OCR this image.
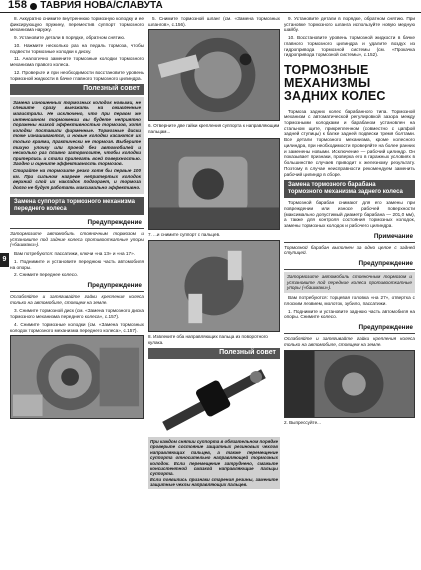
158 ТАВРИЯ НОВА/СЛАВУТА
9

8. Аккуратно снимите внутреннюю тормозную колодку и ее фиксирующую пружину, переместив суппорт тормозного механизма наружу.

9. Установите детали в порядке, обратном снятию.

10. Нажмите несколько раз на педаль тормоза, чтобы подвести тормозные колодки к диску.

11. Аналогично замените тормозные колодки тормозного механизма правого колеса.

12. Проверьте и при необходимости восстановите уровень тормозной жидкости в бачке главного тормозного цилиндра.

Полезный совет

Замена изношенных тормозных колодок новыми, не спешите сразу выезжать на оживленные магистрали. Не исключено, что при первом же интенсивном торможении вы будете неприятно поражены низкой эффективностью тормозов, хотя колодки поставили фирменные. Тормозные диски тоже изнашиваются, и новые колодки касаются их только краями, практически не тормозя. Выберите тихую улочку или проезд без автомобилей и несколько раз плавно затормозите, чтобы колодки притерлись и стали прилегать всей поверхностью. Заодно и оцените эффективность тормозов.

Стирайте на тормозите резко хотя бы первые 100 км. При сильном нагреве непритертых колодок верхний слой их накладок подгорает, и тормоза долго не будут работать максимально эффективно.

Замена суппорта тормозного механизма переднего колеса
Предупреждение

Затормозите автомобиль стояночным тормозом и установите под задние колеса противооткатные упоры («башмаки»).

Вам потребуются: пассатижи, ключи «на 13» и «на 17».

1. Поднимите и установите переднюю часть автомобиля на опоры.

2. Снимите переднее колесо.

Предупреждение

Ослабляйте и затягивайте гайки крепления колеса только на автомобиле, стоящем на земле.

3. Снимите тормозной диск (см. «Замена тормозного диска тормозного механизма переднего колеса», с.157).

4. Снимите тормозные колодки (см. «Замена тормозных колодок тормозного механизма переднего колеса», с.157).

5. Снимите тормозной шланг (см. «Замена тормозных шлангов», с.156).

6. Отверните две гайки крепления суппорта к направляющим пальцам...

7. ...и снимите суппорт с пальцев.

8. Извлеките оба направляющих пальца из поворотного кулака.

Полезный совет

При каждом снятии суппорта в обязательном порядке проверьте состояние защитных резиновых чехлов направляющих пальцев, а также перемещение суппорта относительно направляющей тормозных колодок. Если перемещение затруднено, смажьте консистентной смазкой направляющие пальцы суппорта.

Если появились признаки старения резины, замените защитные чехлы направляющих пальцев.

9. Установите детали в порядке, обратном снятию. При установке тормозного шланга используйте новую медную шайбу.

10. Восстановите уровень тормозной жидкости в бачке главного тормозного цилиндра и удалите воздух из гидропривода тормозной системы (см. «Прокачка гидропривода тормозной системы», с.152).

ТОРМОЗНЫЕ МЕХАНИЗМЫ ЗАДНИХ КОЛЕС

Тормоза задних колес барабанного типа. Тормозной механизм с автоматической регулировкой зазора между тормозными колодками и барабаном установлен на стальном щите, прикрепленном (совместно с цапфой задней ступицы) к балке задней подвески тремя болтами. Все детали тормозного механизма, кроме колесного цилиндра, при необходимости проверяйте на более ранних и заменены новыми. Исключение — рабочий цилиндр. Он показывает признаки, проверка его в гаражных условиях в большинстве случаев приводит к железному результату. Поэтому в случае неисправности рекомендуем заменить рабочий цилиндр в сборе.

Замена тормозного барабана тормозного механизма заднего колеса

Тормозной барабан снимают для его замены при повреждении или износе рабочей поверхности (максимально допустимый диаметр барабана — 201,0 мм), а также для контроля состояния тормозных колодок, замены тормозных колодок и рабочего цилиндра.

Примечание

Тормозной барабан выполнен за одно целое с задней ступицей.

Предупреждение

Затормозите автомобиль стояночным тормозом и установите под передние колеса противооткатные упоры («башмаки»).

Вам потребуются: торцевая головка «на 27», отвертка с плоским лезвием, молоток, зубило, пассатижи.

1. Поднимите и установите заднюю часть автомобиля на опоры. Снимите колесо.

Предупреждение

Ослабляйте и затягивайте гайки крепления колеса только на автомобиле, стоящем на земле.

2. Выпрессуйте...
